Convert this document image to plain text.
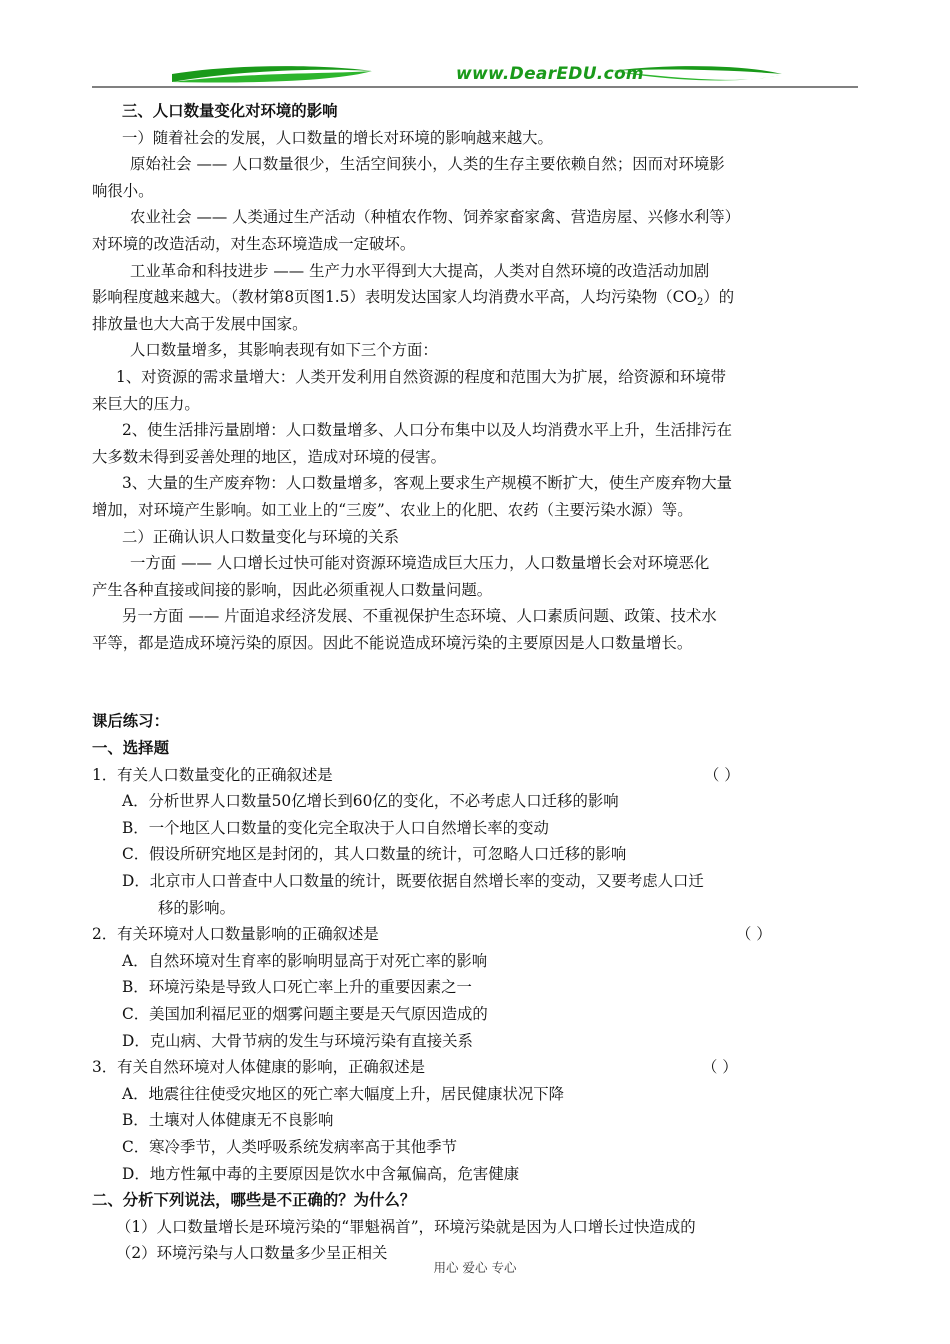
www.DearEDU.com
三、人口数量变化对环境的影响
一）随着社会的发展，人口数量的增长对环境的影响越来越大。
原始社会 —— 人口数量很少，生活空间狭小，人类的生存主要依赖自然；因而对环境影
响很小。
农业社会 —— 人类通过生产活动（种植农作物、饲养家畜家禽、营造房屋、兴修水利等）
对环境的改造活动，对生态环境造成一定破坏。
工业革命和科技进步 —— 生产力水平得到大大提高，人类对自然环境的改造活动加剧
影响程度越来越大。（教材第8页图1.5）表明发达国家人均消费水平高，人均污染物（CO2）的
排放量也大大高于发展中国家。
人口数量增多，其影响表现有如下三个方面：
1、对资源的需求量增大：人类开发利用自然资源的程度和范围大为扩展，给资源和环境带
来巨大的压力。
2、使生活排污量剧增：人口数量增多、人口分布集中以及人均消费水平上升，生活排污在
大多数未得到妥善处理的地区，造成对环境的侵害。
3、大量的生产废弃物：人口数量增多，客观上要求生产规模不断扩大，使生产废弃物大量
增加，对环境产生影响。如工业上的“三废”、农业上的化肥、农药（主要污染水源）等。
二）正确认识人口数量变化与环境的关系
一方面 —— 人口增长过快可能对资源环境造成巨大压力，人口数量增长会对环境恶化
产生各种直接或间接的影响，因此必须重视人口数量问题。
另一方面 —— 片面追求经济发展、不重视保护生态环境、人口素质问题、政策、技术水
平等，都是造成环境污染的原因。因此不能说造成环境污染的主要原因是人口数量增长。
课后练习：
一、选择题
1．有关人口数量变化的正确叙述是	（ ）
A．分析世界人口数量50亿增长到60亿的变化，不必考虑人口迁移的影响
B．一个地区人口数量的变化完全取决于人口自然增长率的变动
C．假设所研究地区是封闭的，其人口数量的统计，可忽略人口迁移的影响
D．北京市人口普查中人口数量的统计，既要依据自然增长率的变动，又要考虑人口迁
移的影响。
2．有关环境对人口数量影响的正确叙述是	（ ）
A．自然环境对生育率的影响明显高于对死亡率的影响
B．环境污染是导致人口死亡率上升的重要因素之一
C．美国加利福尼亚的烟雾问题主要是天气原因造成的
D．克山病、大骨节病的发生与环境污染有直接关系
3．有关自然环境对人体健康的影响，正确叙述是	（ ）
A．地震往往使受灾地区的死亡率大幅度上升，居民健康状况下降
B．土壤对人体健康无不良影响
C．寒冷季节，人类呼吸系统发病率高于其他季节
D．地方性氟中毒的主要原因是饮水中含氟偏高，危害健康
二、分析下列说法，哪些是不正确的？为什么？
（1）人口数量增长是环境污染的“罪魁祸首”，环境污染就是因为人口增长过快造成的
（2）环境污染与人口数量多少呈正相关
用心 爱心 专心
